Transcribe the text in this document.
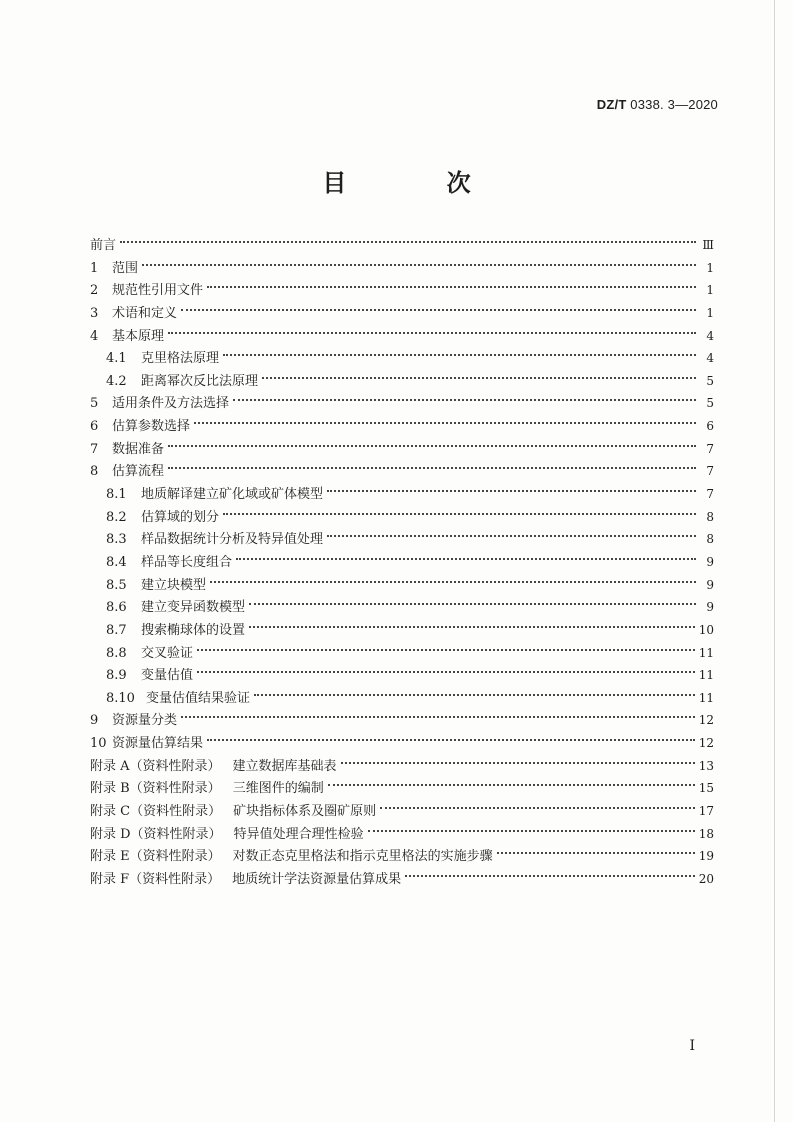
DZ/T 0338. 3—2020
目 次
前言	Ⅲ
1	范围	1
2	规范性引用文件	1
3	术语和定义	1
4	基本原理	4
4.1	克里格法原理	4
4.2	距离幂次反比法原理	5
5	适用条件及方法选择	5
6	估算参数选择	6
7	数据准备	7
8	估算流程	7
8.1	地质解译建立矿化域或矿体模型	7
8.2	估算域的划分	8
8.3	样品数据统计分析及特异值处理	8
8.4	样品等长度组合	9
8.5	建立块模型	9
8.6	建立变异函数模型	9
8.7	搜索椭球体的设置	10
8.8	交叉验证	11
8.9	变量估值	11
8.10 变量估值结果验证	11
9	资源量分类	12
10 资源量估算结果	12
附录 A（资料性附录） 建立数据库基础表	13
附录 B（资料性附录） 三维图件的编制	15
附录 C（资料性附录） 矿块指标体系及圈矿原则	17
附录 D（资料性附录） 特异值处理合理性检验	18
附录 E（资料性附录） 对数正态克里格法和指示克里格法的实施步骤	19
附录 F（资料性附录） 地质统计学法资源量估算成果	20
I
